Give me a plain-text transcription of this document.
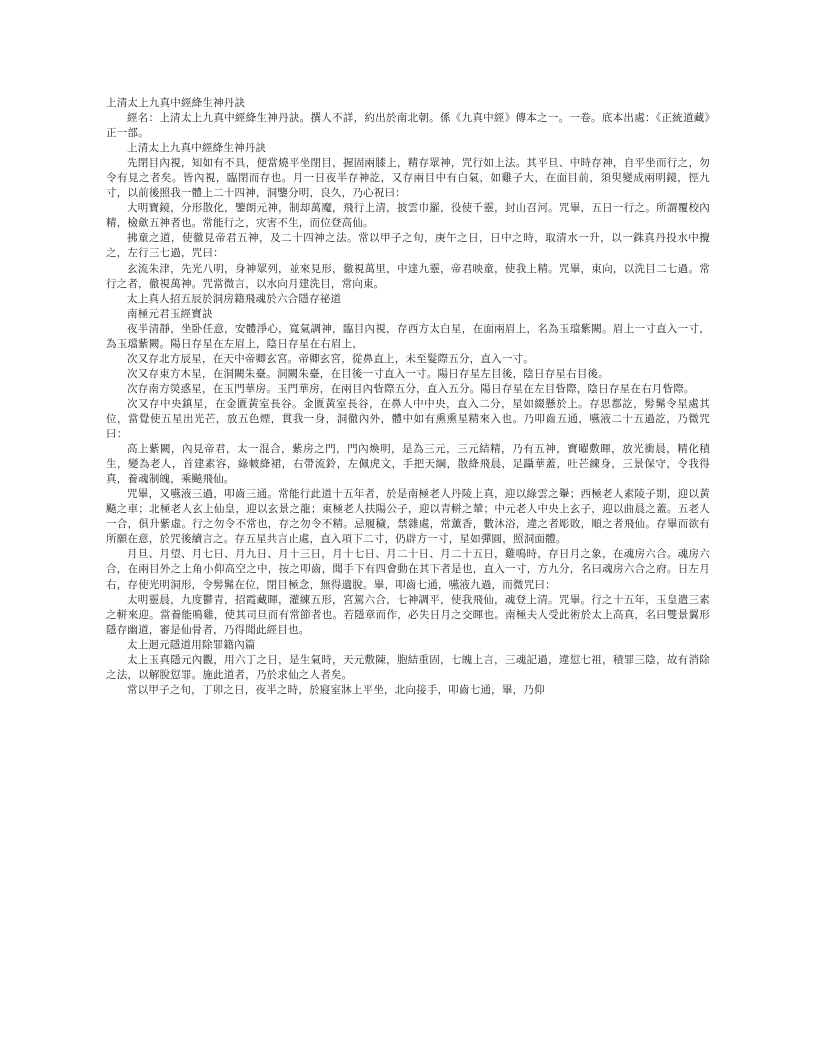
上清太上九真中經絳生神丹訣

經名：上清太上九真中經絳生神丹訣。撰人不詳，約出於南北朝。係《九真中經》傳本之一。一卷。底本出處：《正統道藏》正一部。

上清太上九真中經絳生神丹訣

先閉目內視，知如有不具，便當燒平坐閉目，握固兩膝上，精存眾神，咒行如上法。其平旦、中時存神，自平坐而行之，勿令有見之者矣。皆內視，臨閉而存也。月一日夜半存神訖，又存兩目中有白氣，如雞子大，在面目前，須臾變成兩明鏡，徑九寸，以前後照我一體上二十四神，洞鑒分明，良久，乃心祝曰：

大明寶鏡，分形散化，鑒朗元神，制却萬魔，飛行上清，披雲巾羅，役使千靈，封山召河。咒畢，五日一行之。所謂覆校內精，檢歛五神者也。常能行之，灾害不生，而位登高仙。

拂童之道，使徹見帝君五神，及二十四神之法。常以甲子之旬，庚午之日，日中之時，取清水一升，以一銖真丹投水中攪之，左行三七過，咒曰：

玄流朱津，先光八明，身神眾列，並來見形，徹視萬里，中達九靈，帝君映童，使我上精。咒畢，東向，以洗目二七過。常行之者，徹視萬神。咒當微言，以水向月建洗目，常向東。

太上真人招五辰於洞房籍飛魂於六合隱存祕道

南極元君玉經寶訣

夜半清靜，坐卧任意，安體淨心，寬氣調神，臨目內視，存西方太白星，在面兩眉上，名為玉璫紫闕。眉上一寸直入一寸，為玉璫紫闕。陽日存星在左眉上，陰日存星在右眉上，

次又存北方辰星，在天中帝卿玄宮。帝卿玄宮，從鼻直上，未至髮際五分，直入一寸。

次又存東方木星，在洞闕朱臺。洞闕朱臺，在目後一寸直入一寸。陽日存星左目後，陰日存星右目後。

次存南方熒惑星，在玉門華房。玉門華房，在兩目內眥際五分，直入五分。陽日存星在左目眥際，陰日存星在右月眥際。

次又存中央鎮星，在金匱黃室長谷。金匱黃室長谷，在鼻人中中央，直入二分，星如綴懸於上。存思都訖，髣髴令星處其位，當覺使五星出光芒，放五色煙，貫我一身，洞徹內外，體中如有熏熏星精來入也。乃叩齒五通，嚥液二十五過訖，乃微咒曰：

高上紫闕，內見帝君，太一混合，紫房之門，門內煥明，是為三元，三元結精，乃有五神，寶曜敷暉，放光衝晨，精化積生，變為老人，首建素容，綠帔絳裙，右帶流鈴，左佩虎文，手把天綱，散絳飛晨，足躡華蓋，吐芒練身，三景保守，令我得真，養魂制魄，乘飈飛仙。

咒畢，又嚥液三過，叩齒三通。常能行此道十五年者，於是南極老人丹陵上真，迎以綠雲之轝；西極老人素陵子期，迎以黃飈之車；北極老人玄上仙皇，迎以玄景之龍；東極老人扶陽公子，迎以青軿之輦；中元老人中央上玄子，迎以曲晨之蓋。五老人一合，俱升紫虛。行之勿令不常也，存之勿令不精。忌履穢，禁雜處，常薰香，數沐浴，違之者彫敗，順之者飛仙。存畢而欲有所願在意，於咒後續言之。存五星共言止處，直入項下二寸，仍辟方一寸，星如彈圓，照洞面體。

月旦、月望、月七日、月九日、月十三日，月十七日、月二十日、月二十五日，雞鳴時，存日月之象，在魂房六合。魂房六合，在兩目外之上角小仰高空之中，按之叩齒，聞手下有四會動在其下者是也，直入一寸，方九分，名曰魂房六合之府。日左月右，存使光明洞形，令髣髴在位，閉目極念，無得遺脫。畢，叩齒七通，嚥液九過，而微咒曰：

太明靈晨，九度鬱青，招霞藏暉，灌練五形，宮駕六合，七神調平，使我飛仙，魂登上清。咒畢。行之十五年，玉皇遣三素之軿來迎。當養能鳴雞，使其司旦而有常節者也。若隱章而作，必失日月之交暉也。南極夫人受此術於太上高真，名曰雙景翼形隱存幽道，審是仙骨者，乃得聞此經目也。

太上迴元隱道用除罪籍內篇

太上玉真隱元內觀，用六丁之日，是生氣時，天元敷陳，胞結重固，七魄上言，三魂記過，違愆七祖，積罪三陰，故有消除之法，以解脫愆罪。施此道者，乃於求仙之人者矣。

常以甲子之旬，丁卯之日，夜半之時，於寢室牀上平坐，北向接手，叩齒七通，畢，乃仰
